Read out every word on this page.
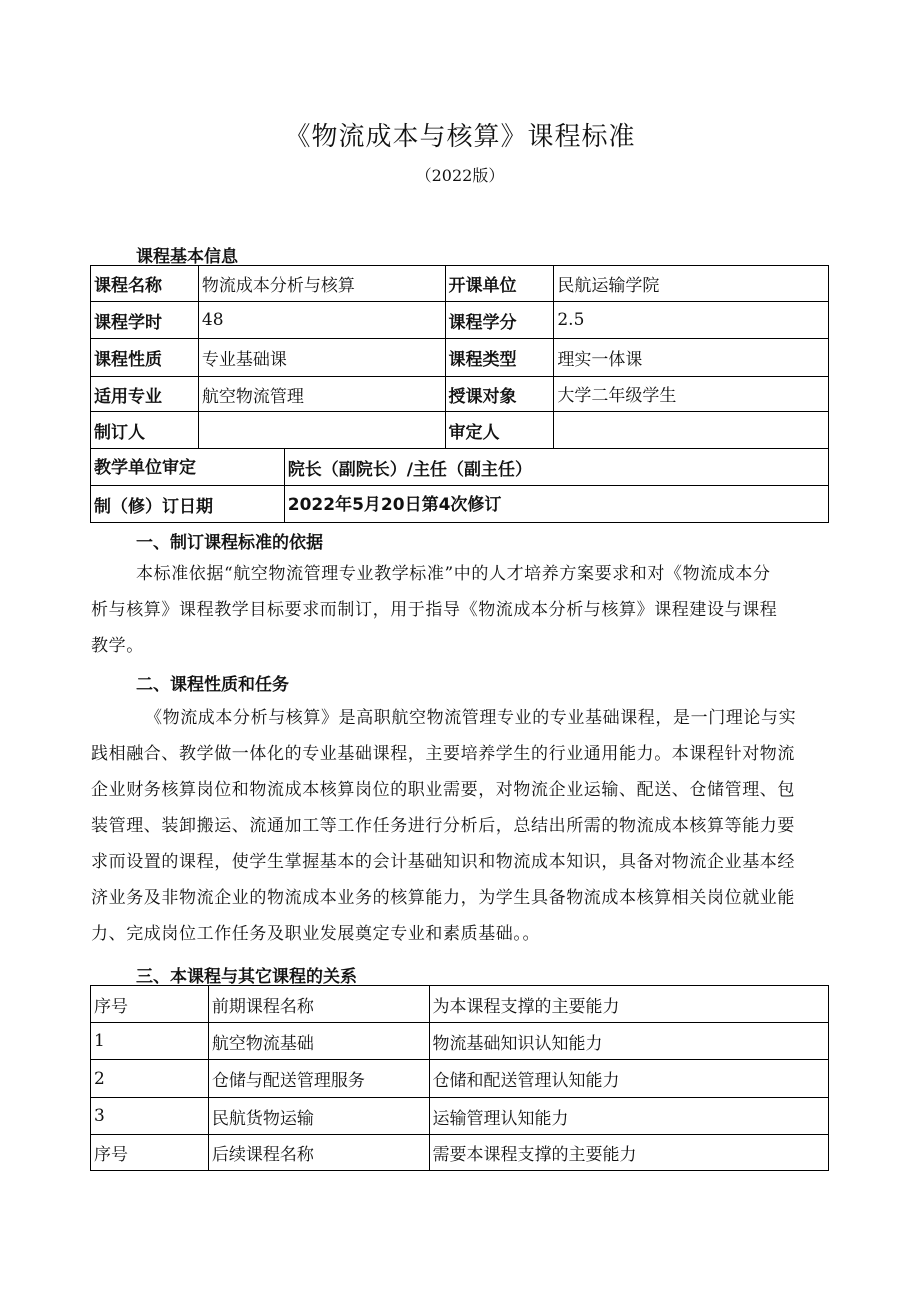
《物流成本与核算》课程标准
（2022版）
课程基本信息
课程名称	物流成本分析与核算		开课单位	民航运输学院
课程学时	48		课程学分	2.5
课程性质	专业基础课		课程类型	理实一体课
适用专业	航空物流管理		授课对象	大学二年级学生
制订人			审定人	
教学单位审定		院长（副院长）/主任（副主任）		
制（修）订日期		2022年5月20日第4次修订		
一、制订课程标准的依据
本标准依据“航空物流管理专业教学标准”中的人才培养方案要求和对《物流成本分
析与核算》课程教学目标要求而制订，用于指导《物流成本分析与核算》课程建设与课程
教学。
二、课程性质和任务
《物流成本分析与核算》是高职航空物流管理专业的专业基础课程，是一门理论与实
践相融合、教学做一体化的专业基础课程，主要培养学生的行业通用能力。本课程针对物流
企业财务核算岗位和物流成本核算岗位的职业需要，对物流企业运输、配送、仓储管理、包
装管理、装卸搬运、流通加工等工作任务进行分析后，总结出所需的物流成本核算等能力要
求而设置的课程，使学生掌握基本的会计基础知识和物流成本知识，具备对物流企业基本经
济业务及非物流企业的物流成本业务的核算能力，为学生具备物流成本核算相关岗位就业能
力、完成岗位工作任务及职业发展奠定专业和素质基础。。
三、本课程与其它课程的关系
序号	前期课程名称	为本课程支撑的主要能力
1	航空物流基础	物流基础知识认知能力
2	仓储与配送管理服务	仓储和配送管理认知能力
3	民航货物运输	运输管理认知能力
序号	后续课程名称	需要本课程支撑的主要能力
